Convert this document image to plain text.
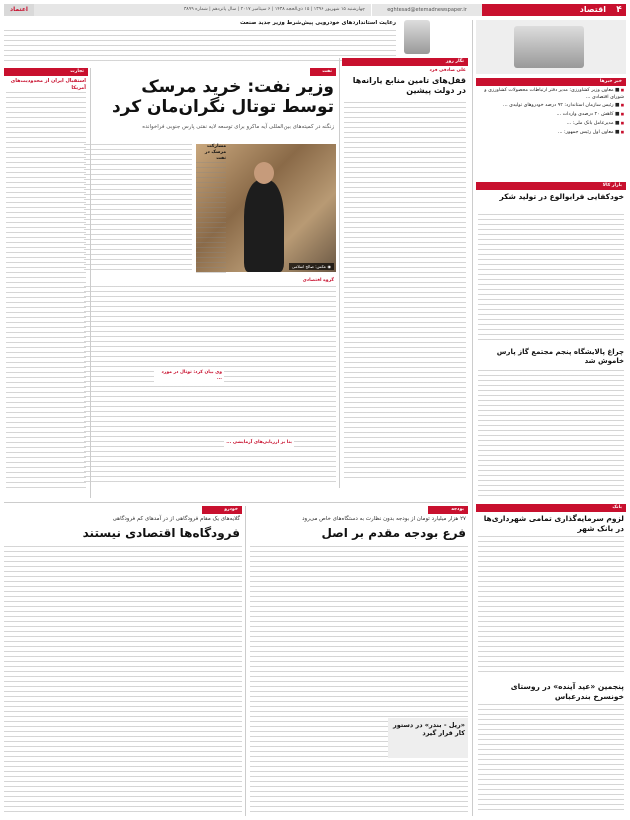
۴
اقتصاد
eghtesad@etemadnewspaper.ir
چهارشنبه ۱۵ شهریور ۱۳۹۶ | ۱۵ ذی‌الحجه ۱۴۳۸ | ۶ سپتامبر ۲۰۱۷ | سال پانزدهم | شماره ۳۸۹۹
اعتماد
رعایت استانداردهای خودرویی پیش‌شرط وزیر جدید صنعت
خبر خبرها
■ ■ معاون وزیر کشاورزی: مدیر دفتر ارتباطات محصولات کشاورزی و شورای اقتصادی ...
■ ■ رئیس سازمان استاندارد: ۹۲ درصد خودروهای تولیدی ...
■ ■ کاهش ۲۰ درصدی واردات ...
■ ■ مدیرعامل بانک ملی: ...
■ ■ معاون اول رئیس جمهور: ...
بازار کالا
خودکفایی فرابوالوع در تولید شکر
چراغ پالایشگاه پنجم مجتمع گاز پارس خاموش شد
بانک
لزوم سرمایه‌گذاری تمامی شهرداری‌ها در بانک شهر
پنجمین «‌عید آینده‌» در روستای خونسرخ بندرعباس
نگار روز
علی صادقی فرد
قفل‌های تامین منابع یارانه‌ها در دولت پیشین
نفت
وزیر نفت: خرید مرسک توسط توتال نگران‌مان کرد
زنگنه در کمیته‌های بین‌المللی آیه ماکرو برای توسعه لایه نفتی پارس جنوبی فراخوانده
◉ عکس: صالح اسلامی
مشارکت مرسک در نفت
گروه اقتصادی
وی بیان کرد: توتال در مورد ...
بنا بر ارزیابی‌های آزمایشی ...
تجارت
استقبال ایران از محدودیت‌های آمریکا
بودجه
۲۷ هزار میلیارد تومان از بودجه بدون نظارت به دستگاه‌های خاص می‌رود
فرع بودجه مقدم بر اصل
«ریل - بندر» در دستور کار قرار گیرد
خودرو
گلایه‌های یک مقام فرودگاهی از در آمدهای کم فرودگاهی
فرودگاه‌ها اقتصادی نیستند
